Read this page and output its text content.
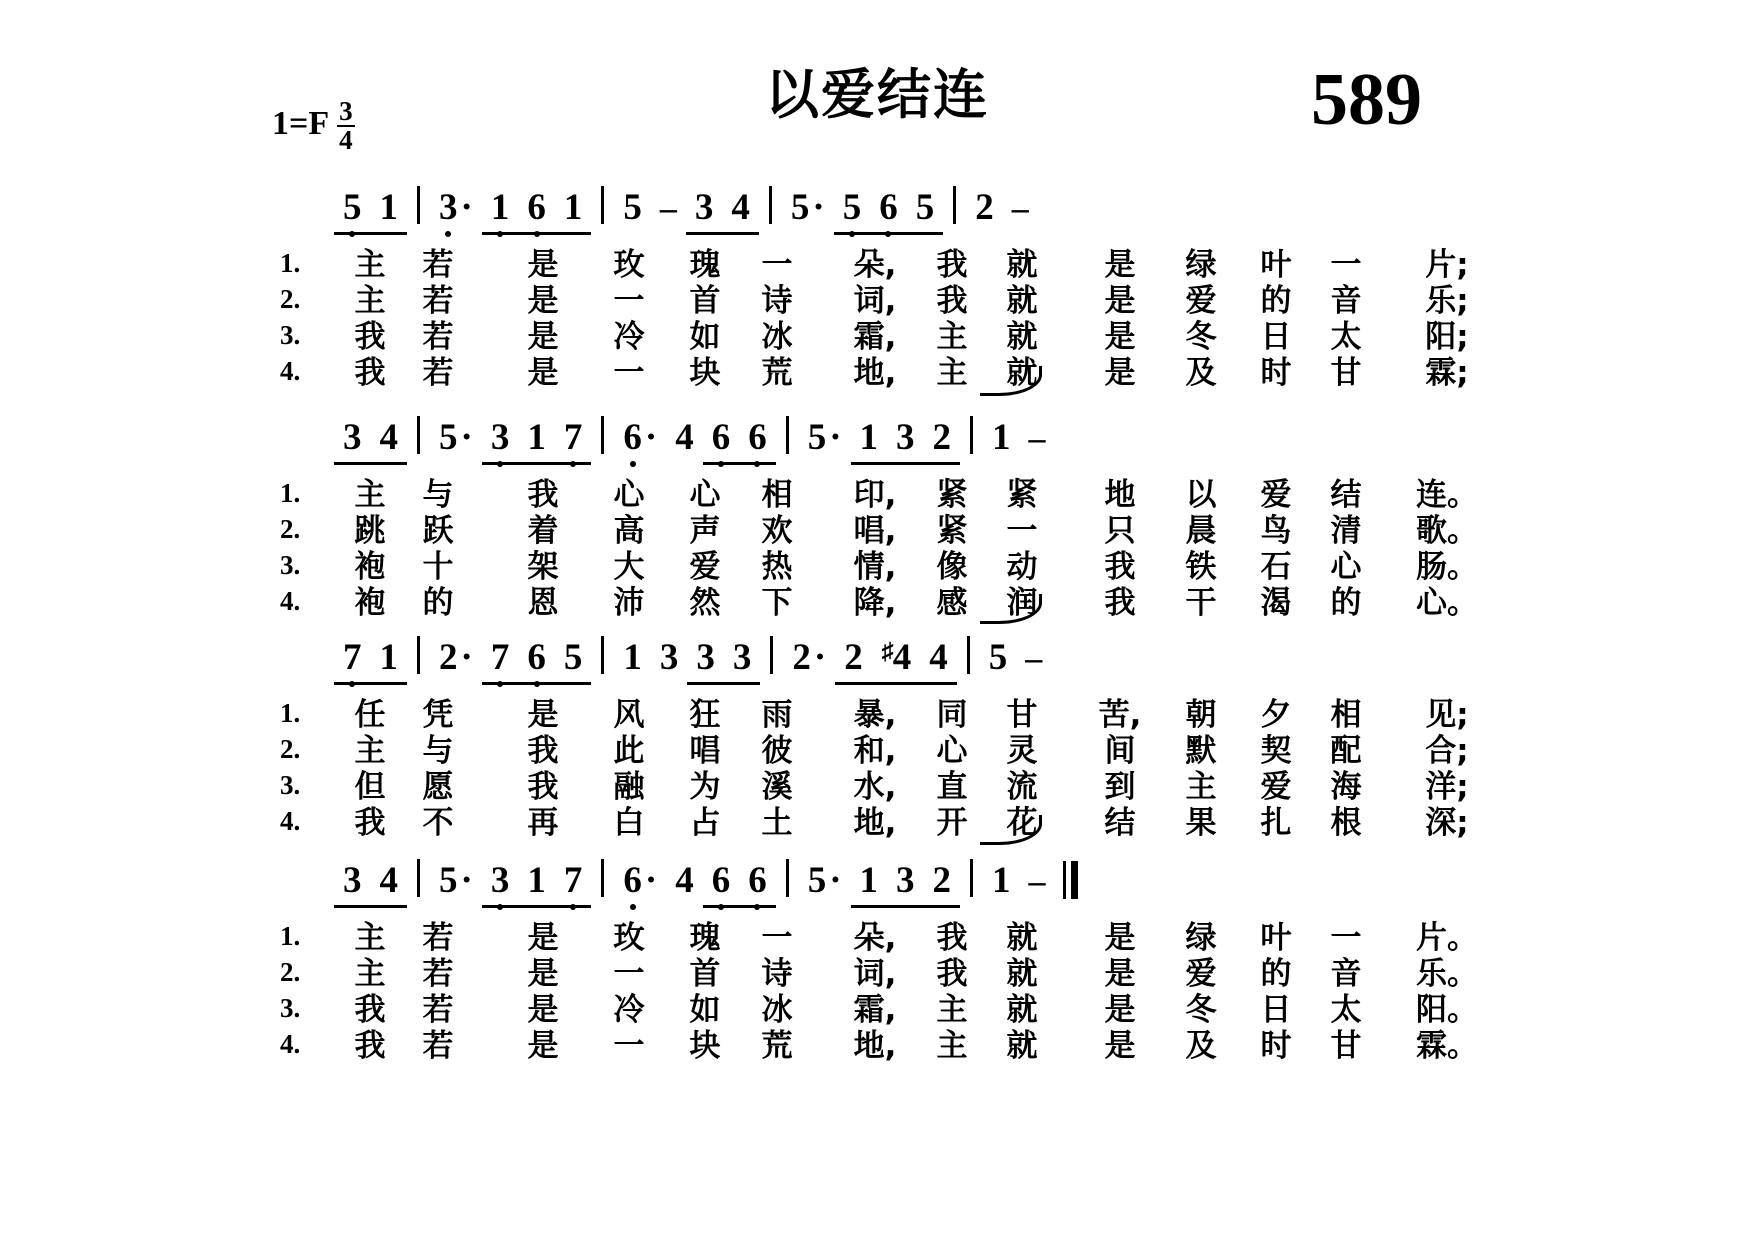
$1=F \frac{3}{4}$	以爱结连	589
5 1 3· 1 6 1 5 – 3 4 5· 5 6 5 2 –
1.	主	若	是	玫	瑰	一	朵,	我	就	是	绿	叶	一	片;
2.	主	若	是	一	首	诗	词,	我	就	是	爱	的	音	乐;
3.	我	若	是	冷	如	冰	霜,	主	就	是	冬	日	太	阳;
4.	我	若	是	一	块	荒	地,	主	就	是	及	时	甘	霖;
3 4 5· 3 1 7 6· 4 6 6 5· 1 3 2 1 –
1.	主	与	我	心	心	相	印,	紧	紧	地	以	爱	结	连。
2.	跳	跃	着	高	声	欢	唱,	紧	一	只	晨	鸟	清	歌。
3.	袍	十	架	大	爱	热	情,	像	动	我	铁	石	心	肠。
4.	袍	的	恩	沛	然	下	降,	感	润	我	干	渴	的	心。
7 1 2· 7 6 5 1 3 3 3 2· 2 ♯4 4 5 –
1.	任	凭	是	风	狂	雨	暴,	同	甘	苦,	朝	夕	相	见;
2.	主	与	我	此	唱	彼	和,	心	灵	间	默	契	配	合;
3.	但	愿	我	融	为	溪	水,	直	流	到	主	爱	海	洋;
4.	我	不	再	白	占	土	地,	开	花	结	果	扎	根	深;
3 4 5· 3 1 7 6· 4 6 6 5· 1 3 2 1 –
1.	主	若	是	玫	瑰	一	朵,	我	就	是	绿	叶	一	片。
2.	主	若	是	一	首	诗	词,	我	就	是	爱	的	音	乐。
3.	我	若	是	冷	如	冰	霜,	主	就	是	冬	日	太	阳。
4.	我	若	是	一	块	荒	地,	主	就	是	及	时	甘	霖。
